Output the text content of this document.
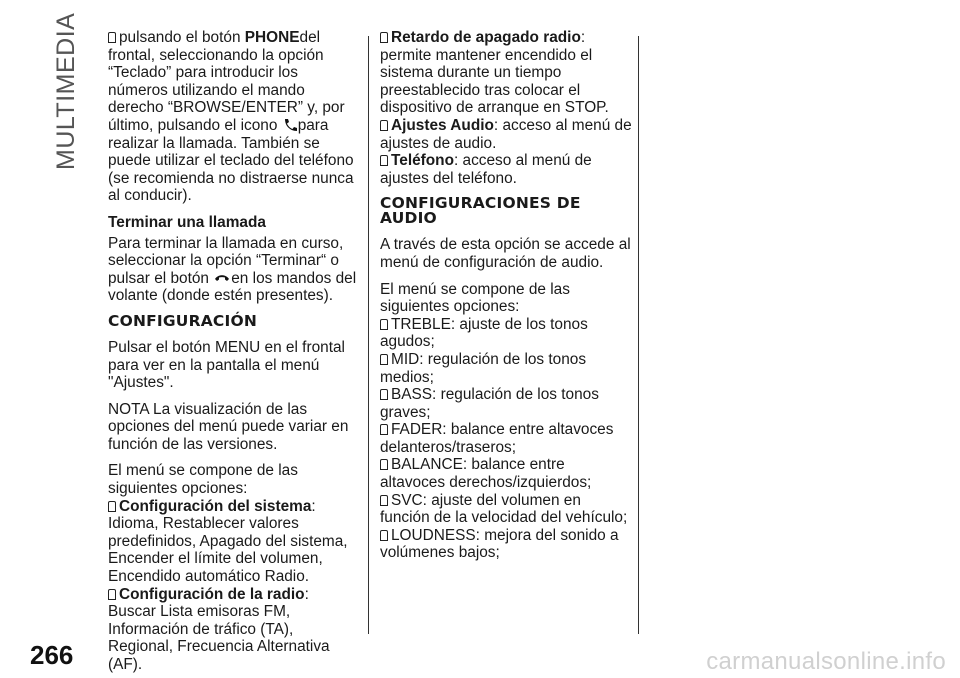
MULTIMEDIA	pulsando el botón PHONEdel frontal, seleccionando la opción “Teclado” para introducir los números utilizando el mando derecho “BROWSE/ENTER” y, por último, pulsando el icono para realizar la llamada. También se puede utilizar el teclado del teléfono (se recomienda no distraerse nunca al conducir).

Terminar una llamada

Para terminar la llamada en curso, seleccionar la opción “Terminar“ o pulsar el botón en los mandos del volante (donde estén presentes).

CONFIGURACIÓN

Pulsar el botón MENU en el frontal para ver en la pantalla el menú "Ajustes".

NOTA La visualización de las opciones del menú puede variar en función de las versiones.

El menú se compone de las siguientes opciones:

Configuración del sistema: Idioma, Restablecer valores predefinidos, Apagado del sistema, Encender el límite del volumen, Encendido automático Radio.

Configuración de la radio: Buscar Lista emisoras FM, Información de tráfico (TA), Regional, Frecuencia Alternativa (AF).

Retardo de apagado radio: permite mantener encendido el sistema durante un tiempo preestablecido tras colocar el dispositivo de arranque en STOP.

Ajustes Audio: acceso al menú de ajustes de audio.

Teléfono: acceso al menú de ajustes del teléfono.

CONFIGURACIONES DE AUDIO

A través de esta opción se accede al menú de configuración de audio.

El menú se compone de las siguientes opciones:

TREBLE: ajuste de los tonos agudos;

MID: regulación de los tonos medios;

BASS: regulación de los tonos graves;

FADER: balance entre altavoces delanteros/traseros;

BALANCE: balance entre altavoces derechos/izquierdos;

SVC: ajuste del volumen en función de la velocidad del vehículo;

LOUDNESS: mejora del sonido a volúmenes bajos;

266	carmanualsonline.info
